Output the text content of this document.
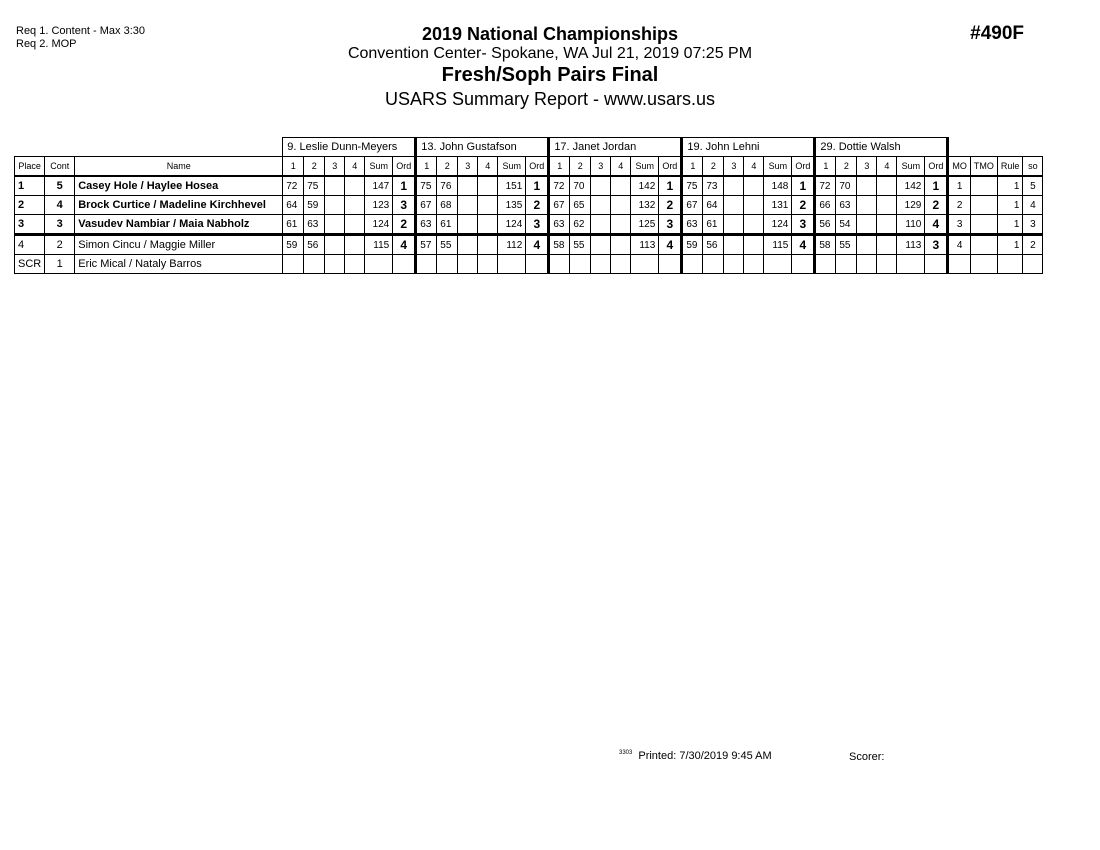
Req 1. Content - Max 3:30
Req 2. MOP	#490F
2019 National Championships
Convention Center- Spokane, WA Jul 21, 2019 07:25 PM
Fresh/Soph Pairs Final
USARS Summary Report - www.usars.us
			9. Leslie Dunn-Meyers						13. John Gustafson						17. Janet Jordan						19. John Lehni						29. Dottie Walsh									
Place	Cont	Name	1	2	3	4	Sum	Ord	1	2	3	4	Sum	Ord	1	2	3	4	Sum	Ord	1	2	3	4	Sum	Ord	1	2	3	4	Sum	Ord	MO	TMO	Rule	so
1	5	Casey Hole / Haylee Hosea	72	75			147	1	75	76			151	1	72	70			142	1	75	73			148	1	72	70			142	1	1		1	5
2	4	Brock Curtice / Madeline Kirchhevel	64	59			123	3	67	68			135	2	67	65			132	2	67	64			131	2	66	63			129	2	2		1	4
3	3	Vasudev Nambiar / Maia Nabholz	61	63			124	2	63	61			124	3	63	62			125	3	63	61			124	3	56	54			110	4	3		1	3
4	2	Simon Cincu / Maggie Miller	59	56			115	4	57	55			112	4	58	55			113	4	59	56			115	4	58	55			113	3	4		1	2
SCR	1	Eric Mical / Nataly Barros																																		
$^{3303}$ Printed: 7/30/2019 9:45 AM	Scorer:
